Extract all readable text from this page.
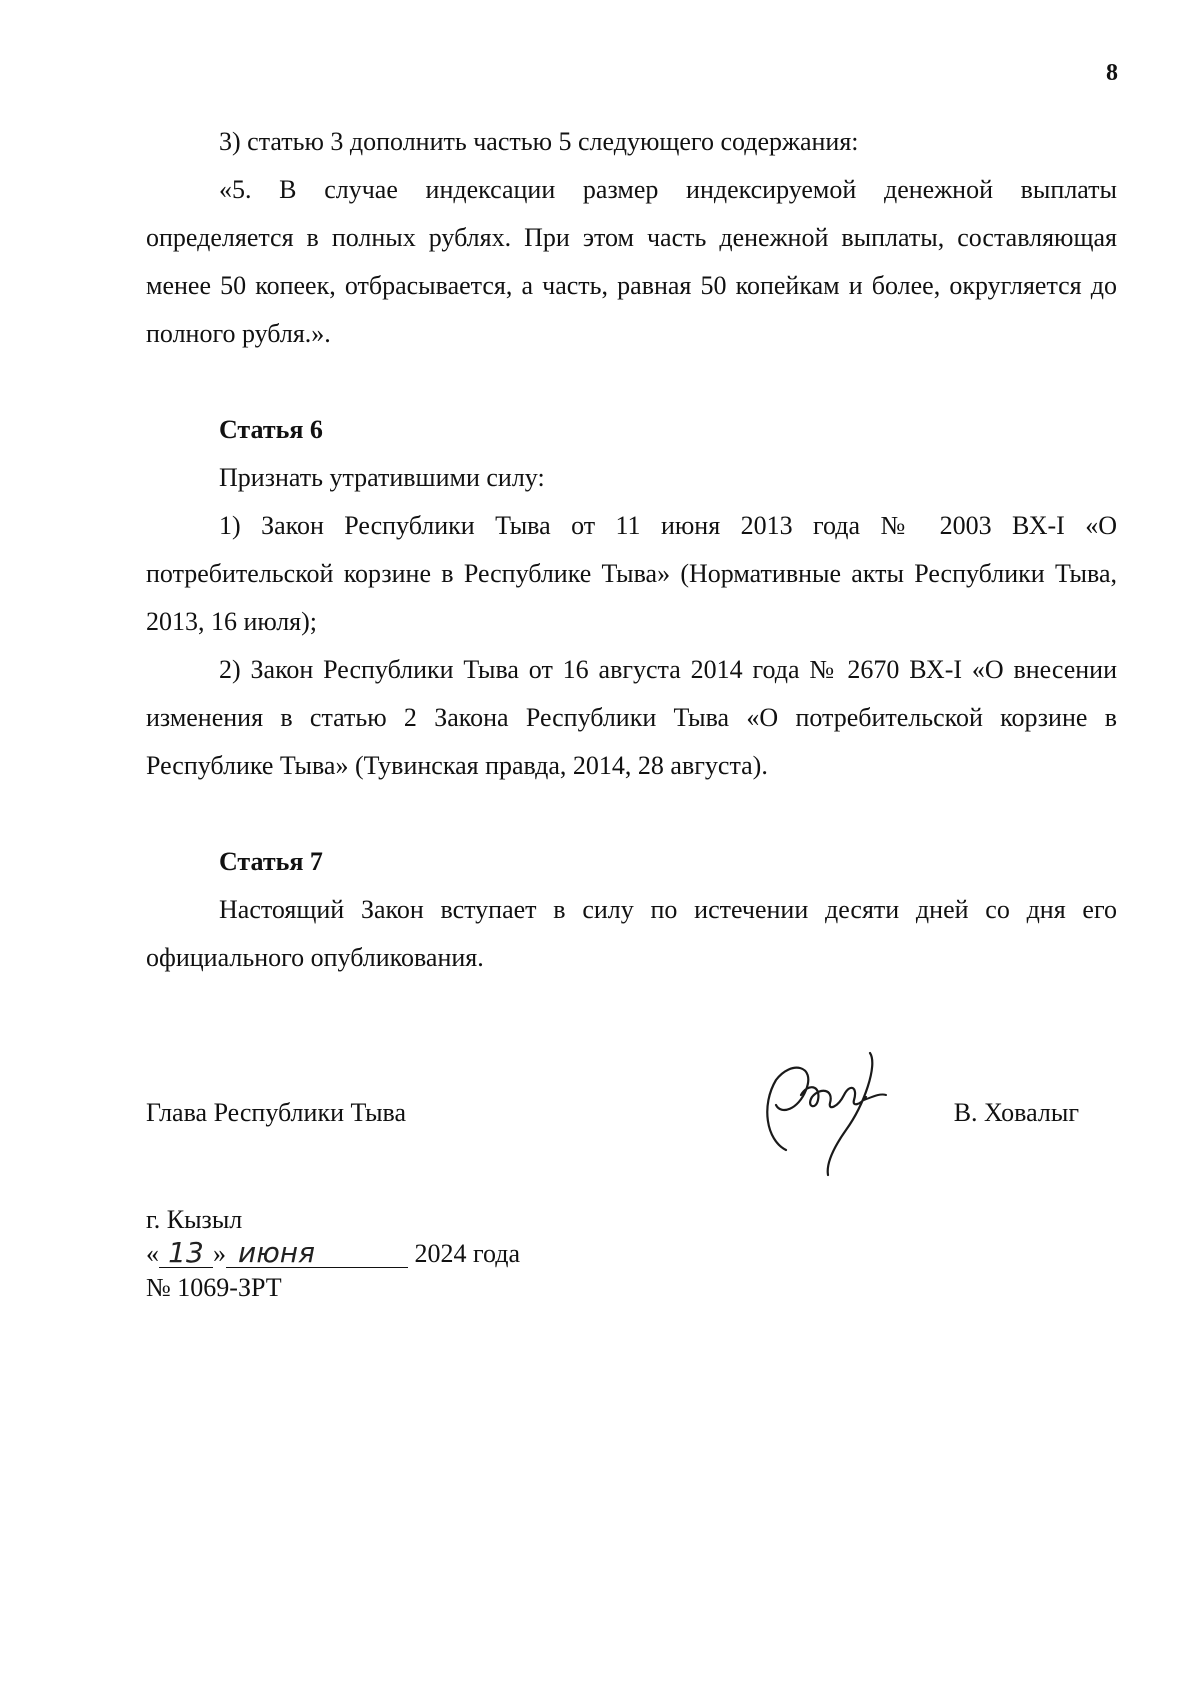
8

3) статью 3 дополнить частью 5 следующего содержания:

«5. В случае индексации размер индексируемой денежной выплаты определяется в полных рублях. При этом часть денежной выплаты, составляющая менее 50 копеек, отбрасывается, а часть, равная 50 копейкам и более, округляется до полного рубля.».

Статья 6

Признать утратившими силу:

1) Закон Республики Тыва от 11 июня 2013 года № 2003 ВХ-I «О потребительской корзине в Республике Тыва» (Нормативные акты Республики Тыва, 2013, 16 июля);

2) Закон Республики Тыва от 16 августа 2014 года № 2670 ВХ-I «О внесении изменения в статью 2 Закона Республики Тыва «О потребительской корзине в Республике Тыва» (Тувинская правда, 2014, 28 августа).

Статья 7

Настоящий Закон вступает в силу по истечении десяти дней со дня его официального опубликования.

Глава Республики Тыва	В. Ховалыг
г. Кызыл
« 13 » июня	2024 года
№ 1069-ЗРТ
